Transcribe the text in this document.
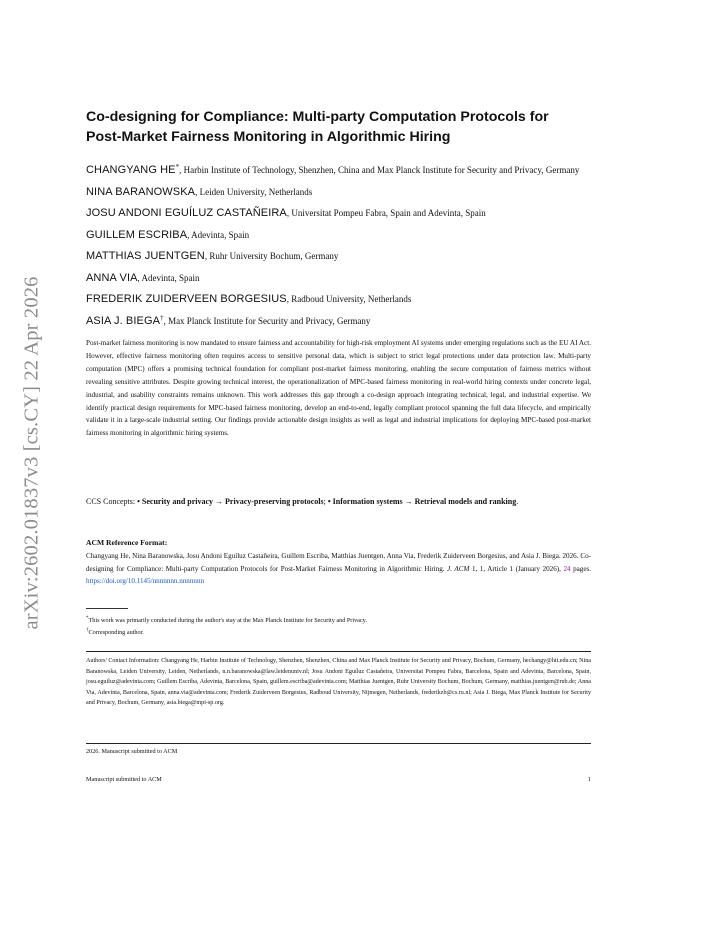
arXiv:2602.01837v3 [cs.CY] 22 Apr 2026
Co-designing for Compliance: Multi-party Computation Protocols for
Post-Market Fairness Monitoring in Algorithmic Hiring
CHANGYANG HE*, Harbin Institute of Technology, Shenzhen, China and Max Planck Institute for Security and Privacy, Germany
NINA BARANOWSKA, Leiden University, Netherlands
JOSU ANDONI EGUÍLUZ CASTAÑEIRA, Universitat Pompeu Fabra, Spain and Adevinta, Spain
GUILLEM ESCRIBA, Adevinta, Spain
MATTHIAS JUENTGEN, Ruhr University Bochum, Germany
ANNA VIA, Adevinta, Spain
FREDERIK ZUIDERVEEN BORGESIUS, Radboud University, Netherlands
ASIA J. BIEGA†, Max Planck Institute for Security and Privacy, Germany
Post-market fairness monitoring is now mandated to ensure fairness and accountability for high-risk employment AI systems under emerging regulations such as the EU AI Act. However, effective fairness monitoring often requires access to sensitive personal data, which is subject to strict legal protections under data protection law. Multi-party computation (MPC) offers a promising technical foundation for compliant post-market fairness monitoring, enabling the secure computation of fairness metrics without revealing sensitive attributes. Despite growing technical interest, the operationalization of MPC-based fairness monitoring in real-world hiring contexts under concrete legal, industrial, and usability constraints remains unknown. This work addresses this gap through a co-design approach integrating technical, legal, and industrial expertise. We identify practical design requirements for MPC-based fairness monitoring, develop an end-to-end, legally compliant protocol spanning the full data lifecycle, and empirically validate it in a large-scale industrial setting. Our findings provide actionable design insights as well as legal and industrial implications for deploying MPC-based post-market fairness monitoring in algorithmic hiring systems.
CCS Concepts: • Security and privacy → Privacy-preserving protocols; • Information systems → Retrieval models and ranking.
ACM Reference Format:
Changyang He, Nina Baranowska, Josu Andoni Eguíluz Castañeira, Guillem Escriba, Matthias Juentgen, Anna Via, Frederik Zuiderveen Borgesius, and Asia J. Biega. 2026. Co-designing for Compliance: Multi-party Computation Protocols for Post-Market Fairness Monitoring in Algorithmic Hiring. J. ACM 1, 1, Article 1 (January 2026), 24 pages. https://doi.org/10.1145/nnnnnnn.nnnnnnn
*This work was primarily conducted during the author's stay at the Max Planck Institute for Security and Privacy.
†Corresponding author.
Authors' Contact Information: Changyang He, Harbin Institute of Technology, Shenzhen, Shenzhen, China and Max Planck Institute for Security and Privacy, Bochum, Germany, hechangy@hit.edu.cn; Nina Baranowska, Leiden University, Leiden, Netherlands, n.n.baranowska@law.leidenuniv.nl; Josu Andoni Eguíluz Castañeira, Universitat Pompeu Fabra, Barcelona, Spain and Adevinta, Barcelona, Spain, josu.eguiluz@adevinta.com; Guillem Escriba, Adevinta, Barcelona, Spain, guillem.escriba@adevinta.com; Matthias Juentgen, Ruhr University Bochum, Bochum, Germany, matthias.juentgen@rub.de; Anna Via, Adevinta, Barcelona, Spain, anna.via@adevinta.com; Frederik Zuiderveen Borgesius, Radboud University, Nijmegen, Netherlands, frederikzb@cs.ru.nl; Asia J. Biega, Max Planck Institute for Security and Privacy, Bochum, Germany, asia.biega@mpi-sp.org.
2026. Manuscript submitted to ACM
Manuscript submitted to ACM	1
